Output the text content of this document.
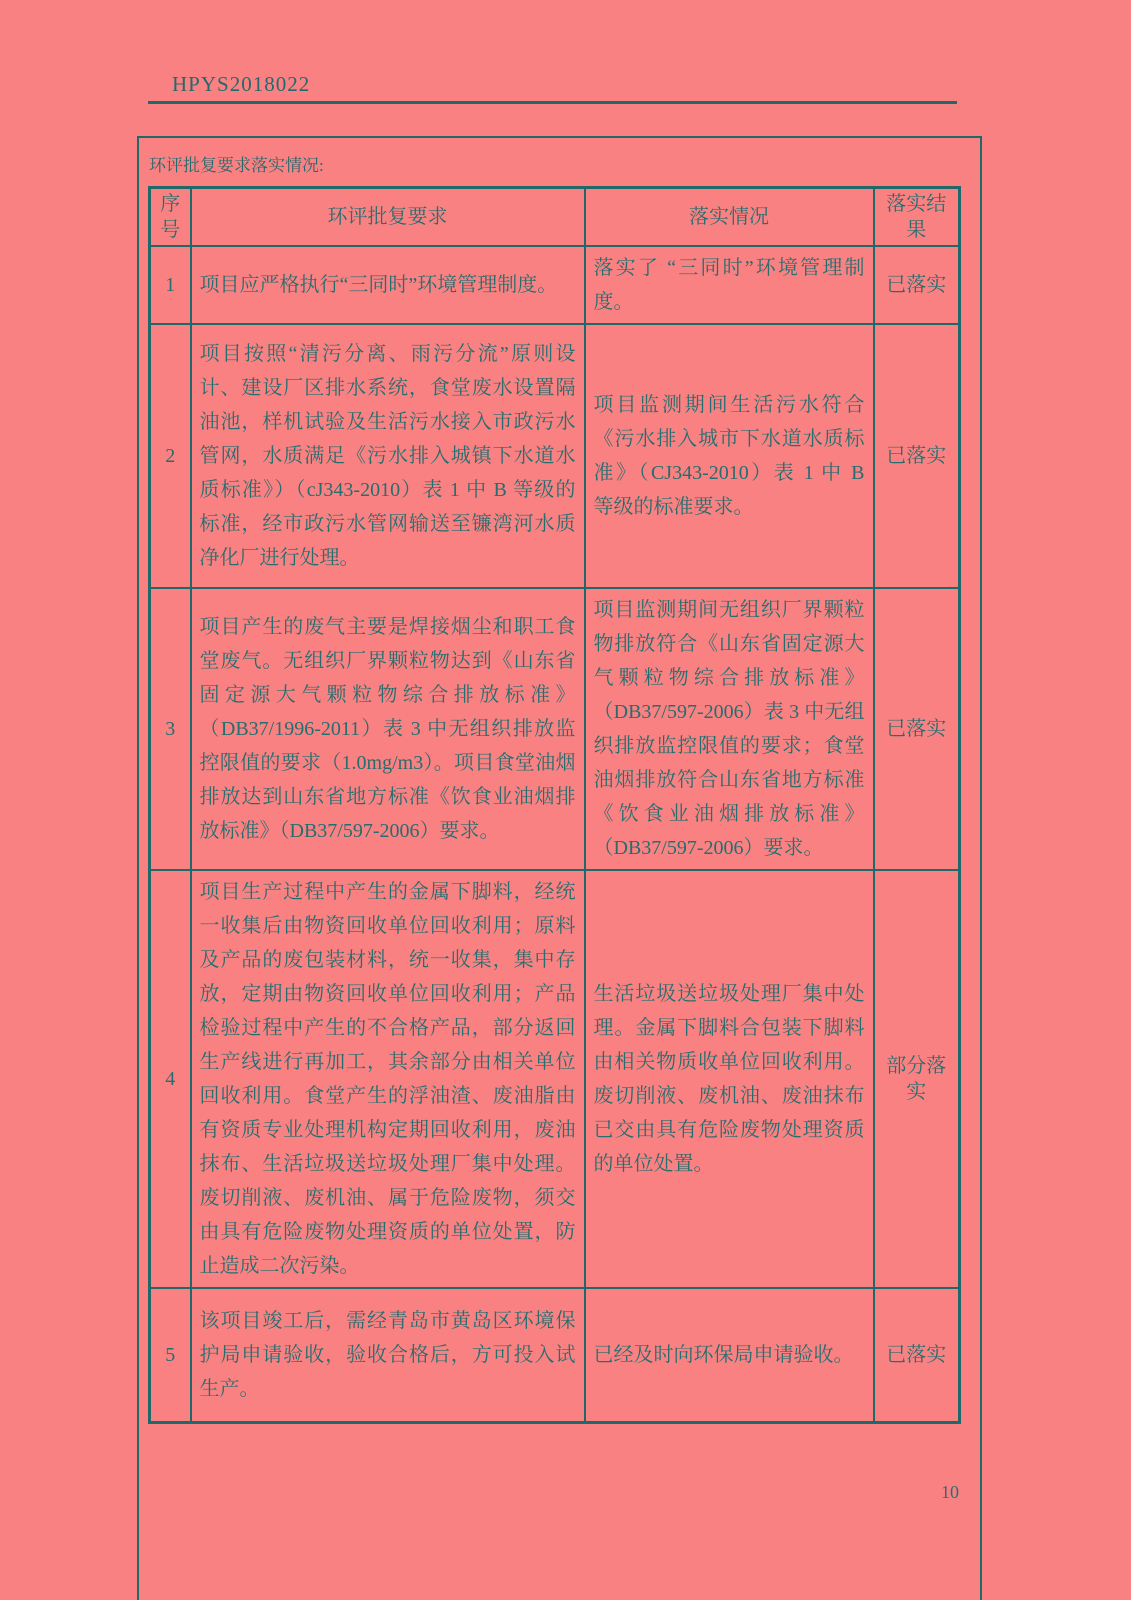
HPYS2018022
环评批复要求落实情况:
序号	环评批复要求	落实情况	落实结果
1	项目应严格执行“三同时”环境管理制度。	落实了 “三同时”环境管理制度。	已落实
2	项目按照“清污分离、雨污分流”原则设计、建设厂区排水系统，食堂废水设置隔油池，样机试验及生活污水接入市政污水管网，水质满足《污水排入城镇下水道水质标准》）（cJ343-2010）表 1 中 B 等级的标准，经市政污水管网输送至镰湾河水质净化厂进行处理。	项目监测期间生活污水符合《污水排入城市下水道水质标准》（CJ343-2010）表 1 中 B 等级的标准要求。	已落实
3	项目产生的废气主要是焊接烟尘和职工食堂废气。无组织厂界颗粒物达到《山东省固定源大气颗粒物综合排放标准》（DB37/1996-2011）表 3 中无组织排放监控限值的要求（1.0mg/m3）。项目食堂油烟排放达到山东省地方标准《饮食业油烟排放标准》（DB37/597-2006）要求。	项目监测期间无组织厂界颗粒物排放符合《山东省固定源大气颗粒物综合排放标准》（DB37/597-2006）表 3 中无组织排放监控限值的要求；食堂油烟排放符合山东省地方标准《饮食业油烟排放标准》（DB37/597-2006）要求。	已落实
4	项目生产过程中产生的金属下脚料，经统一收集后由物资回收单位回收利用；原料及产品的废包装材料，统一收集，集中存放，定期由物资回收单位回收利用；产品检验过程中产生的不合格产品，部分返回生产线进行再加工，其余部分由相关单位回收利用。食堂产生的浮油渣、废油脂由有资质专业处理机构定期回收利用，废油抹布、生活垃圾送垃圾处理厂集中处理。废切削液、废机油、属于危险废物，须交由具有危险废物处理资质的单位处置，防止造成二次污染。	生活垃圾送垃圾处理厂集中处理。金属下脚料合包装下脚料由相关物质收单位回收利用。废切削液、废机油、废油抹布已交由具有危险废物处理资质的单位处置。	部分落实
5	该项目竣工后，需经青岛市黄岛区环境保护局申请验收，验收合格后，方可投入试生产。	已经及时向环保局申请验收。	已落实
10
